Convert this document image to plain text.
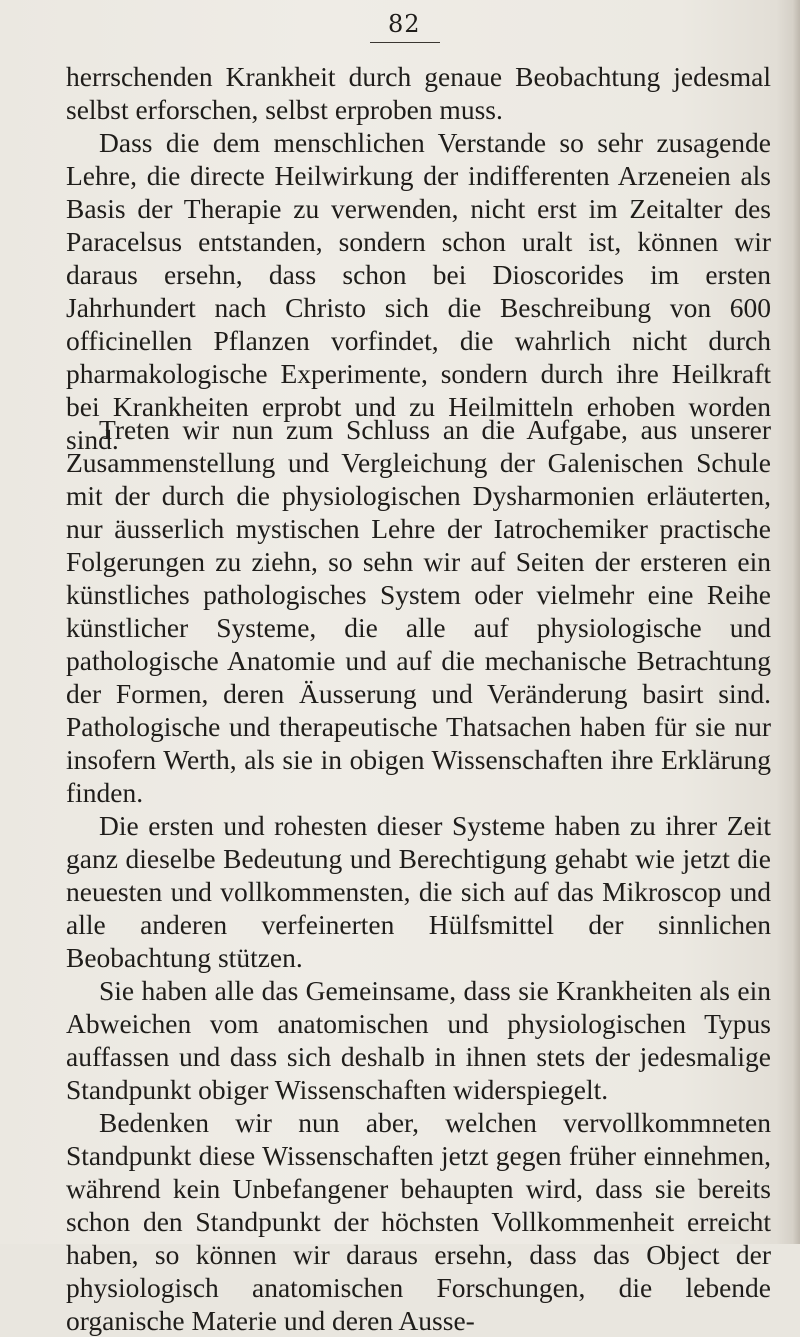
82

herrschenden Krankheit durch genaue Beobachtung jedesmal selbst erforschen, selbst erproben muss.

Dass die dem menschlichen Verstande so sehr zusagende Lehre, die directe Heilwirkung der indifferenten Arzeneien als Basis der Therapie zu verwenden, nicht erst im Zeitalter des Paracelsus entstanden, sondern schon uralt ist, können wir daraus ersehn, dass schon bei Dioscorides im ersten Jahrhundert nach Christo sich die Beschreibung von 600 officinellen Pflanzen vorfindet, die wahrlich nicht durch pharmakologische Experimente, sondern durch ihre Heilkraft bei Krankheiten erprobt und zu Heilmitteln erhoben worden sind.

Treten wir nun zum Schluss an die Aufgabe, aus unserer Zusammenstellung und Vergleichung der Galenischen Schule mit der durch die physiologischen Dysharmonien erläuterten, nur äusserlich mystischen Lehre der Iatrochemiker practische Folgerungen zu ziehn, so sehn wir auf Seiten der ersteren ein künstliches pathologisches System oder vielmehr eine Reihe künstlicher Systeme, die alle auf physiologische und pathologische Anatomie und auf die mechanische Betrachtung der Formen, deren Äusserung und Veränderung basirt sind. Pathologische und therapeutische Thatsachen haben für sie nur insofern Werth, als sie in obigen Wissenschaften ihre Erklärung finden.

Die ersten und rohesten dieser Systeme haben zu ihrer Zeit ganz dieselbe Bedeutung und Berechtigung gehabt wie jetzt die neuesten und vollkommensten, die sich auf das Mikroscop und alle anderen verfeinerten Hülfsmittel der sinnlichen Beobachtung stützen.

Sie haben alle das Gemeinsame, dass sie Krankheiten als ein Abweichen vom anatomischen und physiologischen Typus auffassen und dass sich deshalb in ihnen stets der jedesmalige Standpunkt obiger Wissenschaften widerspiegelt.

Bedenken wir nun aber, welchen vervollkommneten Standpunkt diese Wissenschaften jetzt gegen früher einnehmen, während kein Unbefangener behaupten wird, dass sie bereits schon den Standpunkt der höchsten Vollkommenheit erreicht haben, so können wir daraus ersehn, dass das Object der physiologisch anatomischen Forschungen, die lebende organische Materie und deren Ausse-
